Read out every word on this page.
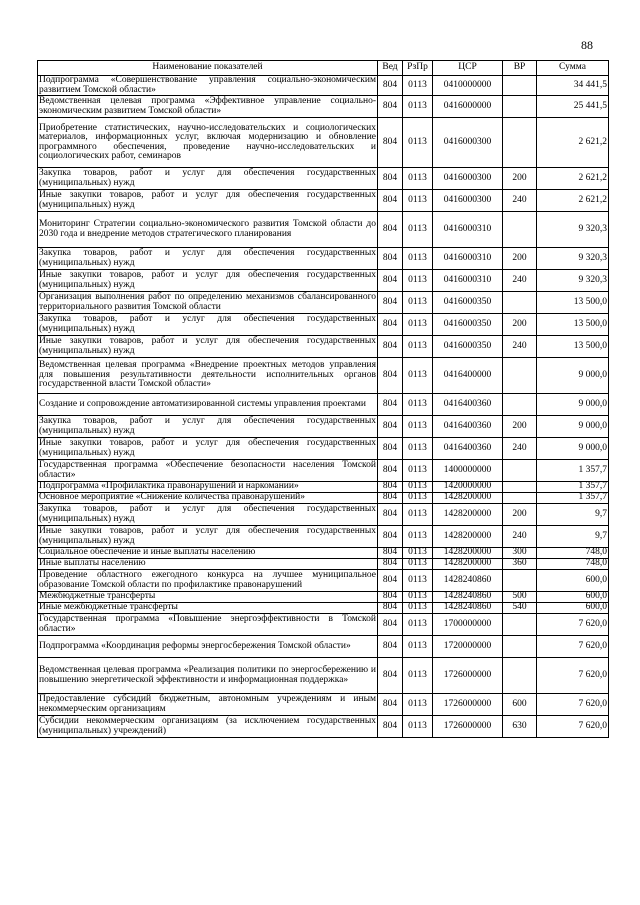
88
Наименование показателей	Вед	РзПр	ЦСР	ВР	Сумма
Подпрограмма «Совершенствование управления социально-экономическим развитием Томской области»	804	0113	0410000000		34 441,5
Ведомственная целевая программа «Эффективное управление социально-экономическим развитием Томской области»	804	0113	0416000000		25 441,5
Приобретение статистических, научно-исследовательских и социологических материалов, информационных услуг, включая модернизацию и обновление программного обеспечения, проведение научно-исследовательских и социологических работ, семинаров	804	0113	0416000300		2 621,2
Закупка товаров, работ и услуг для обеспечения государственных (муниципальных) нужд	804	0113	0416000300	200	2 621,2
Иные закупки товаров, работ и услуг для обеспечения государственных (муниципальных) нужд	804	0113	0416000300	240	2 621,2
Мониторинг Стратегии социально-экономического развития Томской области до 2030 года и внедрение методов стратегического планирования	804	0113	0416000310		9 320,3
Закупка товаров, работ и услуг для обеспечения государственных (муниципальных) нужд	804	0113	0416000310	200	9 320,3
Иные закупки товаров, работ и услуг для обеспечения государственных (муниципальных) нужд	804	0113	0416000310	240	9 320,3
Организация выполнения работ по определению механизмов сбалансированного территориального развития Томской области	804	0113	0416000350		13 500,0
Закупка товаров, работ и услуг для обеспечения государственных (муниципальных) нужд	804	0113	0416000350	200	13 500,0
Иные закупки товаров, работ и услуг для обеспечения государственных (муниципальных) нужд	804	0113	0416000350	240	13 500,0
Ведомственная целевая программа «Внедрение проектных методов управления для повышения результативности деятельности исполнительных органов государственной власти Томской области»	804	0113	0416400000		9 000,0
Создание и сопровождение автоматизированной системы управления проектами	804	0113	0416400360		9 000,0
Закупка товаров, работ и услуг для обеспечения государственных (муниципальных) нужд	804	0113	0416400360	200	9 000,0
Иные закупки товаров, работ и услуг для обеспечения государственных (муниципальных) нужд	804	0113	0416400360	240	9 000,0
Государственная программа «Обеспечение безопасности населения Томской области»	804	0113	1400000000		1 357,7
Подпрограмма «Профилактика правонарушений и наркомании»	804	0113	1420000000		1 357,7
Основное мероприятие «Снижение количества правонарушений»	804	0113	1428200000		1 357,7
Закупка товаров, работ и услуг для обеспечения государственных (муниципальных) нужд	804	0113	1428200000	200	9,7
Иные закупки товаров, работ и услуг для обеспечения государственных (муниципальных) нужд	804	0113	1428200000	240	9,7
Социальное обеспечение и иные выплаты населению	804	0113	1428200000	300	748,0
Иные выплаты населению	804	0113	1428200000	360	748,0
Проведение областного ежегодного конкурса на лучшее муниципальное образование Томской области по профилактике правонарушений	804	0113	1428240860		600,0
Межбюджетные трансферты	804	0113	1428240860	500	600,0
Иные межбюджетные трансферты	804	0113	1428240860	540	600,0
Государственная программа «Повышение энергоэффективности в Томской области»	804	0113	1700000000		7 620,0
Подпрограмма «Координация реформы энергосбережения Томской области»	804	0113	1720000000		7 620,0
Ведомственная целевая программа «Реализация политики по энергосбережению и повышению энергетической эффективности и информационная поддержка»	804	0113	1726000000		7 620,0
Предоставление субсидий бюджетным, автономным учреждениям и иным некоммерческим организациям	804	0113	1726000000	600	7 620,0
Субсидии некоммерческим организациям (за исключением государственных (муниципальных) учреждений)	804	0113	1726000000	630	7 620,0
